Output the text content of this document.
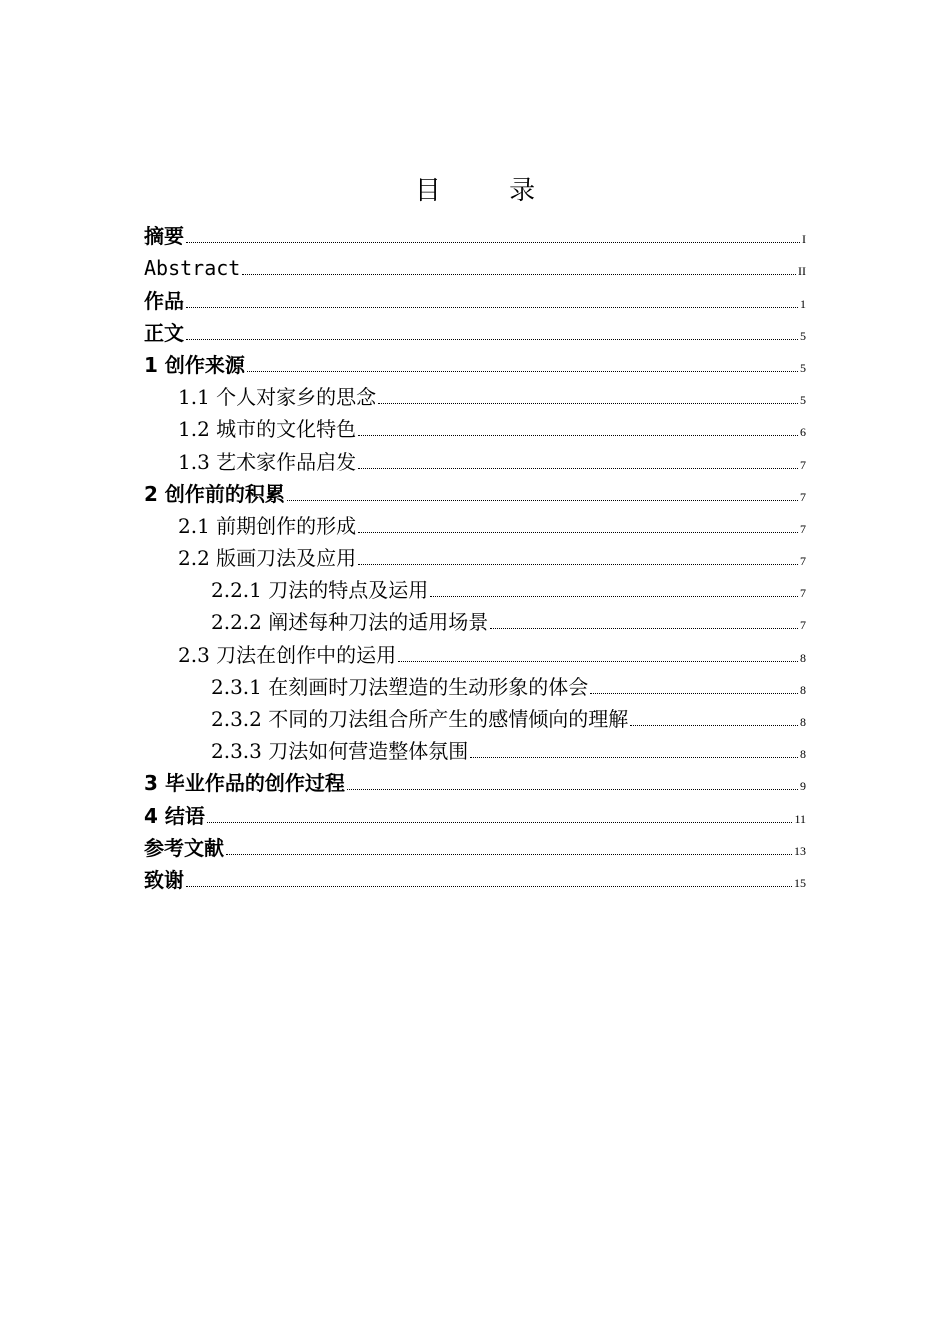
目 录
摘要	I
Abstract	II
作品	1
正文	5
1 创作来源	5
1.1 个人对家乡的思念	5
1.2 城市的文化特色	6
1.3 艺术家作品启发	7
2 创作前的积累	7
2.1 前期创作的形成	7
2.2 版画刀法及应用	7
2.2.1 刀法的特点及运用	7
2.2.2 阐述每种刀法的适用场景	7
2.3 刀法在创作中的运用	8
2.3.1 在刻画时刀法塑造的生动形象的体会	8
2.3.2 不同的刀法组合所产生的感情倾向的理解	8
2.3.3 刀法如何营造整体氛围	8
3 毕业作品的创作过程	9
4 结语	11
参考文献	13
致谢	15
